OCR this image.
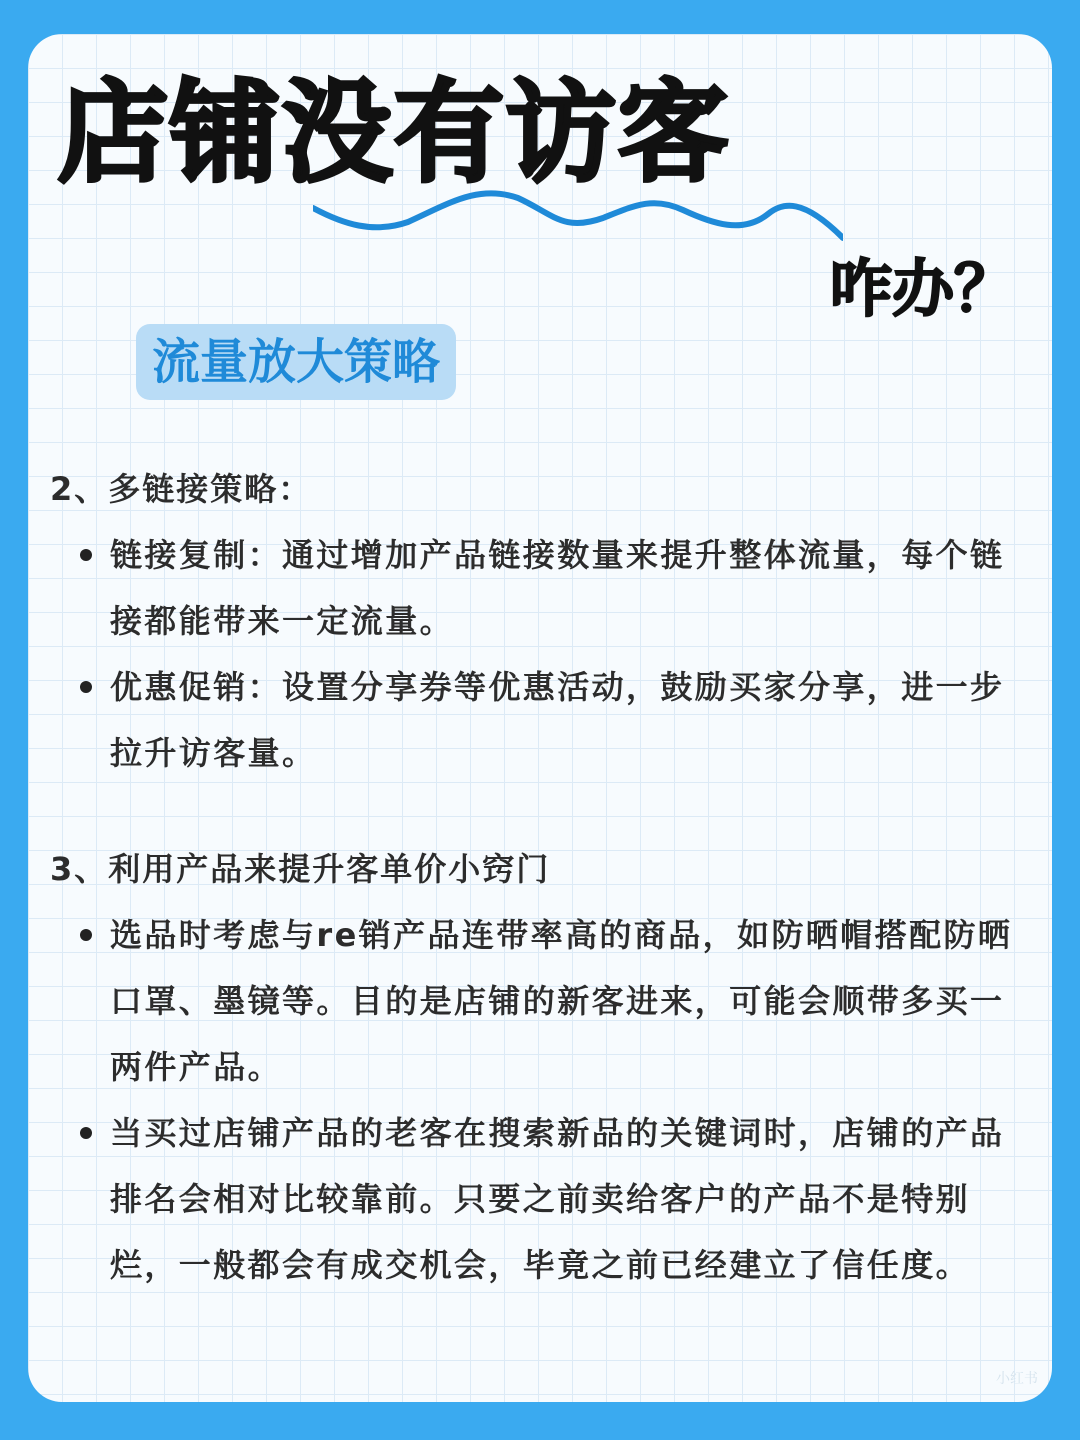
店铺没有访客
咋办？
流量放大策略
2、多链接策略：
链接复制：通过增加产品链接数量来提升整体流量，每个链接都能带来一定流量。
优惠促销：设置分享券等优惠活动，鼓励买家分享，进一步拉升访客量。
3、利用产品来提升客单价小窍门
选品时考虑与re销产品连带率高的商品，如防晒帽搭配防晒口罩、墨镜等。目的是店铺的新客进来，可能会顺带多买一两件产品。
当买过店铺产品的老客在搜索新品的关键词时，店铺的产品排名会相对比较靠前。只要之前卖给客户的产品不是特别烂，一般都会有成交机会，毕竟之前已经建立了信任度。
小红书
